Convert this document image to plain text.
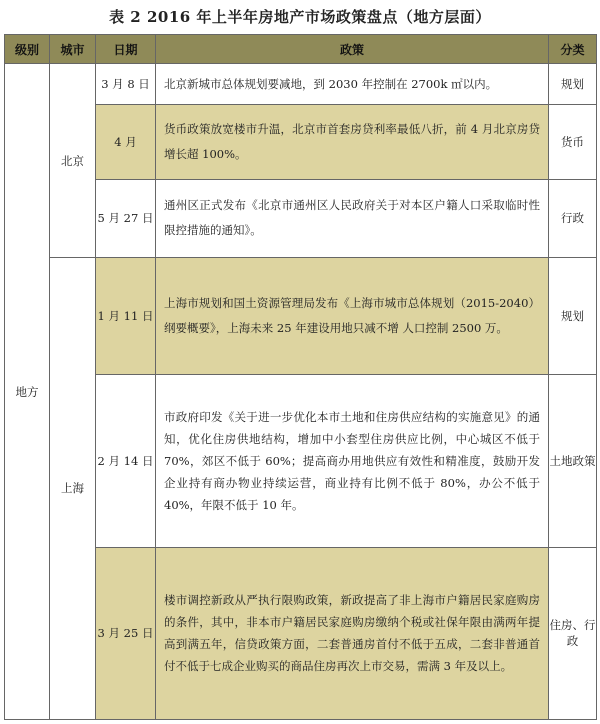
表 2 2016 年上半年房地产市场政策盘点（地方层面）
级别	城市	日期	政策	分类
地方	北京	3 月 8 日	北京新城市总体规划要减地，到 2030 年控制在 2700k ㎡以内。	规划
		4 月	货币政策放宽楼市升温，北京市首套房贷利率最低八折，前 4 月北京房贷增长超 100%。	货币
		5 月 27 日	通州区正式发布《北京市通州区人民政府关于对本区户籍人口采取临时性限控措施的通知》。	行政
	上海	1 月 11 日	上海市规划和国土资源管理局发布《上海市城市总体规划（2015-2040）纲要概要》，上海未来 25 年建设用地只减不增 人口控制 2500 万。	规划
		2 月 14 日	市政府印发《关于进一步优化本市土地和住房供应结构的实施意见》的通知，优化住房供地结构，增加中小套型住房供应比例，中心城区不低于 70%，郊区不低于 60%；提高商办用地供应有效性和精准度，鼓励开发企业持有商办物业持续运营，商业持有比例不低于 80%，办公不低于 40%，年限不低于 10 年。	土地政策
		3 月 25 日	楼市调控新政从严执行限购政策，新政提高了非上海市户籍居民家庭购房的条件，其中，非本市户籍居民家庭购房缴纳个税或社保年限由满两年提高到满五年，信贷政策方面，二套普通房首付不低于五成，二套非普通首付不低于七成企业购买的商品住房再次上市交易，需满 3 年及以上。	住房、行政
